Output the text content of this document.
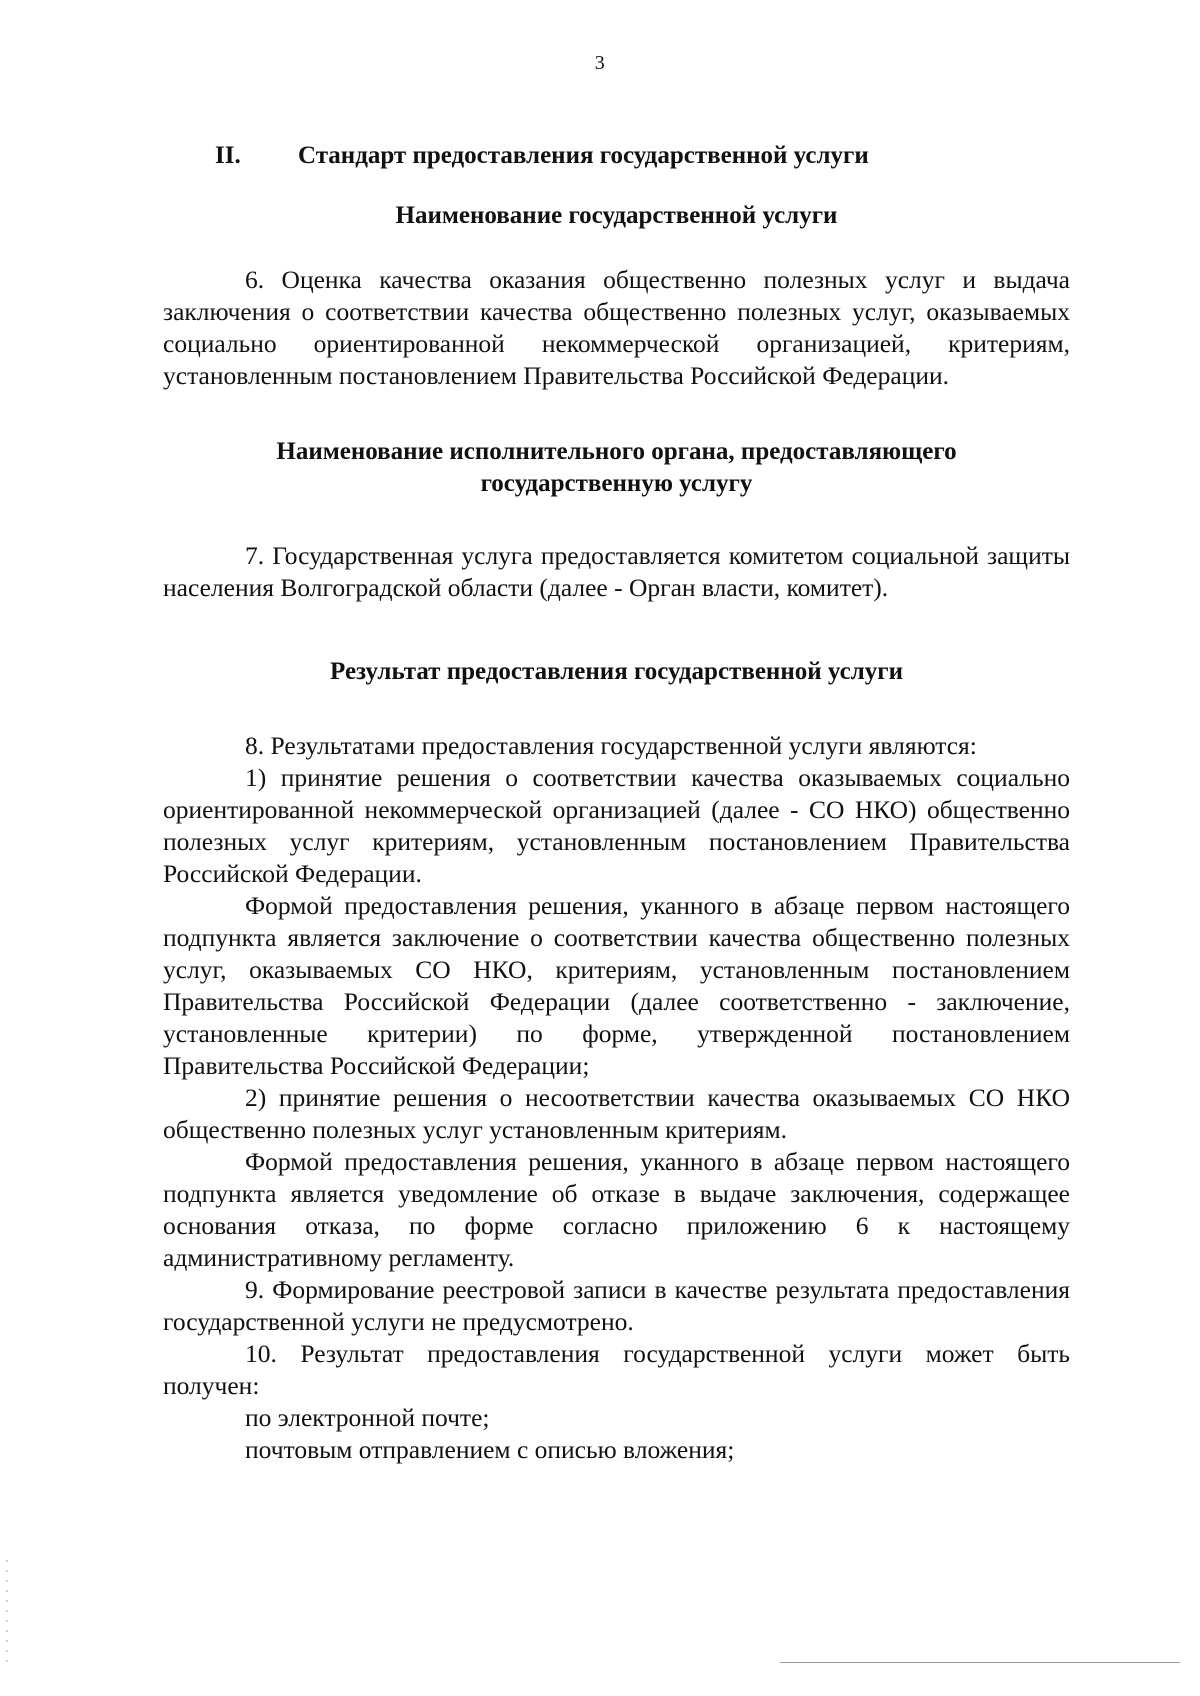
3
II.	Стандарт предоставления государственной услуги
Наименование государственной услуги

6. Оценка качества оказания общественно полезных услуг и выдача заключения о соответствии качества общественно полезных услуг, оказываемых социально ориентированной некоммерческой организацией, критериям, установленным постановлением Правительства Российской Федерации.

Наименование исполнительного органа, предоставляющего государственную услугу

7. Государственная услуга предоставляется комитетом социальной защиты населения Волгоградской области (далее - Орган власти, комитет).

Результат предоставления государственной услуги

8. Результатами предоставления государственной услуги являются:

1) принятие решения о соответствии качества оказываемых социально ориентированной некоммерческой организацией (далее - СО НКО) общественно полезных услуг критериям, установленным постановлением Правительства Российской Федерации.

Формой предоставления решения, уканного в абзаце первом настоящего подпункта является заключение о соответствии качества общественно полезных услуг, оказываемых СО НКО, критериям, установленным постановлением Правительства Российской Федерации (далее соответственно - заключение, установленные критерии) по форме, утвержденной постановлением Правительства Российской Федерации;

2) принятие решения о несоответствии качества оказываемых СО НКО общественно полезных услуг установленным критериям.

Формой предоставления решения, уканного в абзаце первом настоящего подпункта является уведомление об отказе в выдаче заключения, содержащее основания отказа, по форме согласно приложению 6 к настоящему административному регламенту.

9. Формирование реестровой записи в качестве результата предоставления государственной услуги не предусмотрено.

10. Результат предоставления государственной услуги может быть получен:

по электронной почте;

почтовым отправлением с описью вложения;
